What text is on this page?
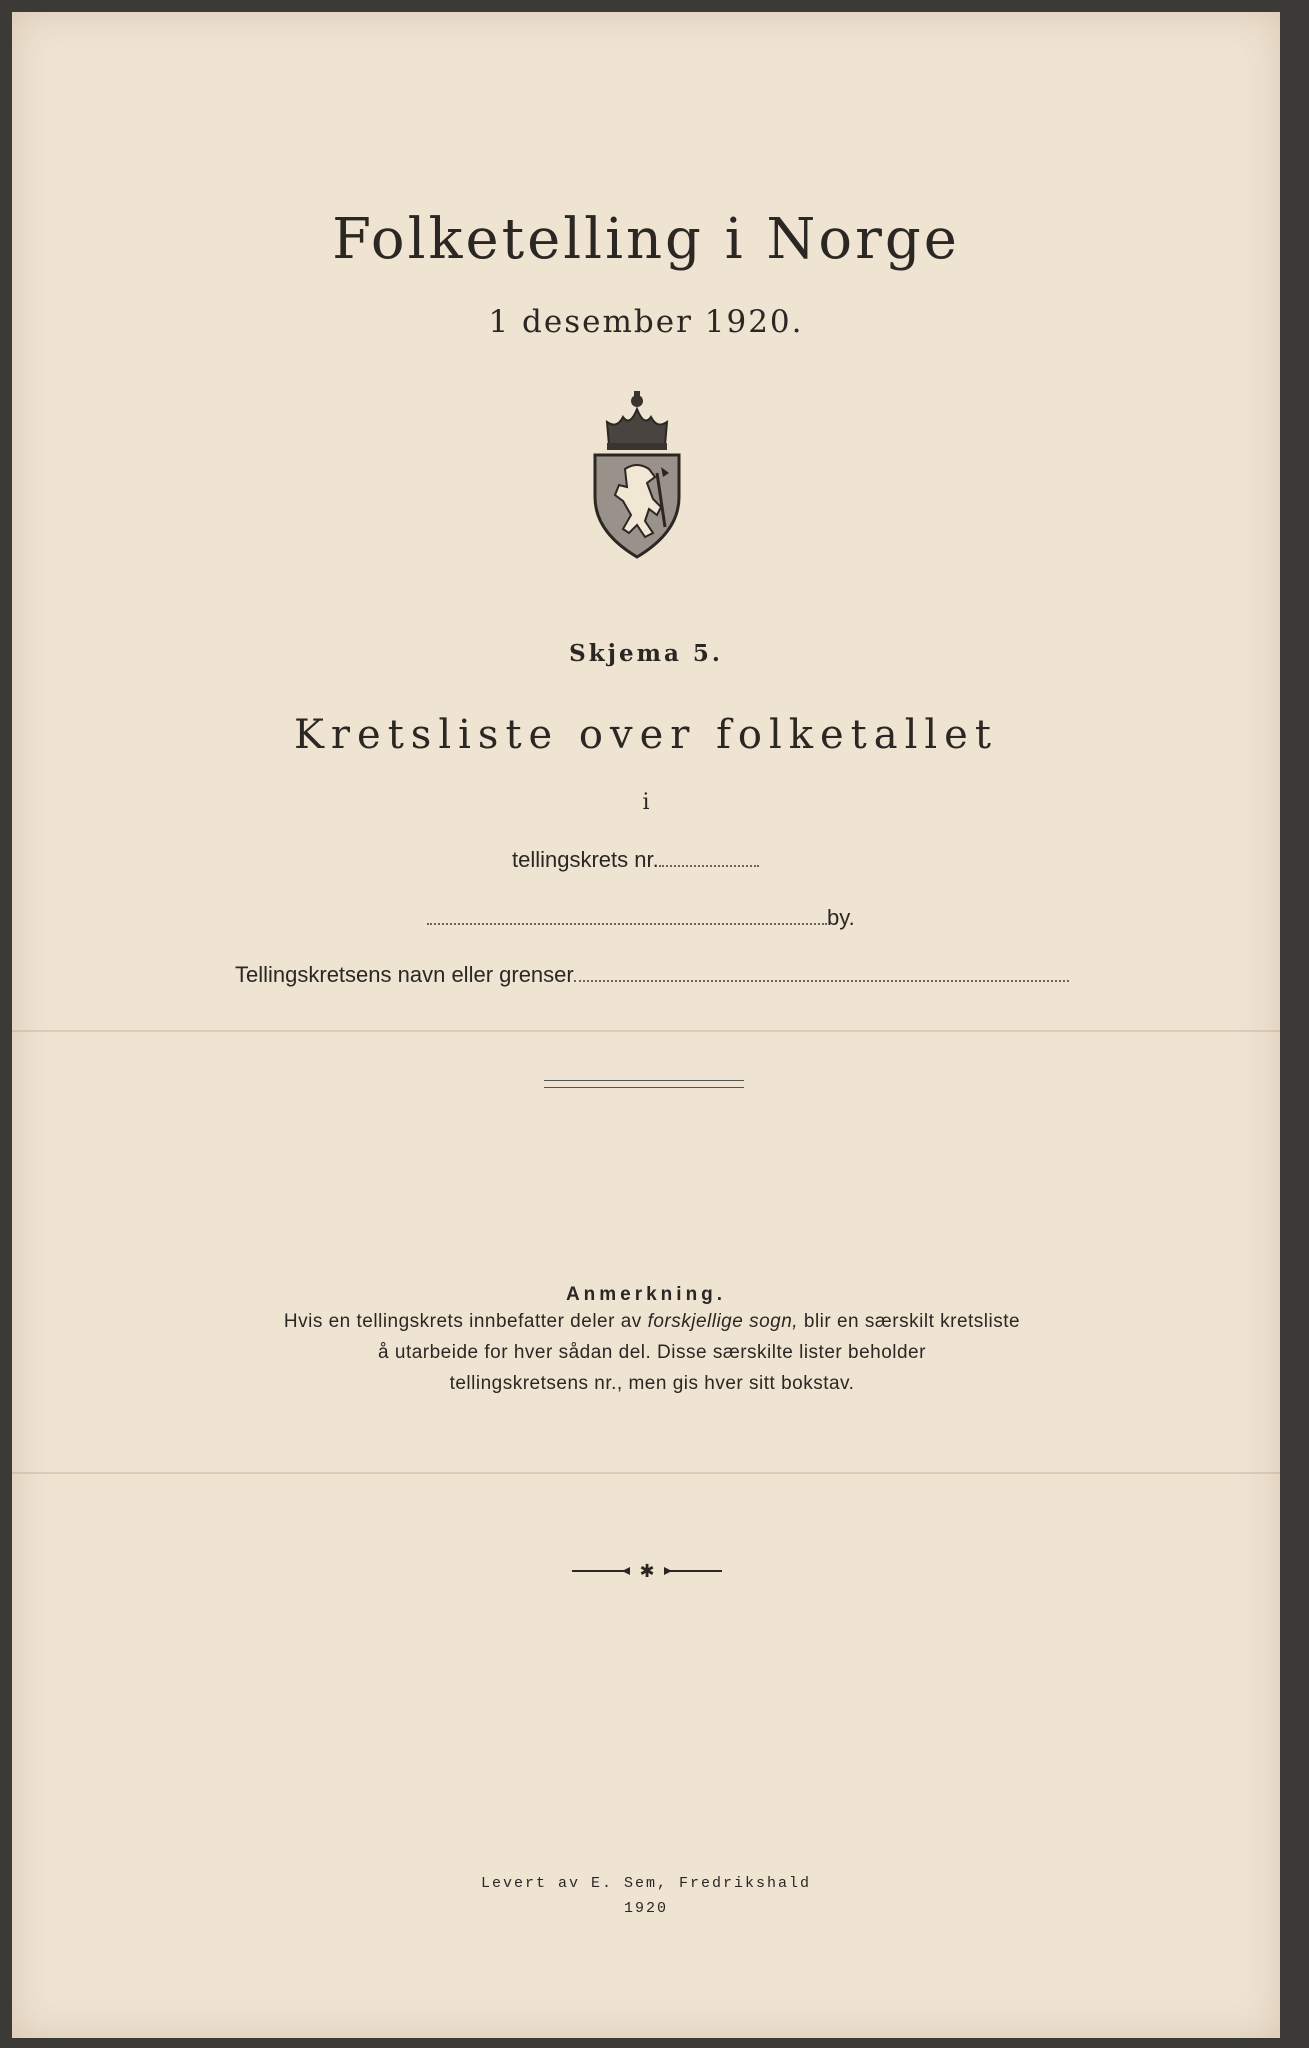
Folketelling i Norge
1 desember 1920.
Skjema 5.
Kretsliste over folketallet
i
tellingskrets nr.
by.
Tellingskretsens navn eller grenser
Anmerkning.
Hvis en tellingskrets innbefatter deler av forskjellige sogn, blir en særskilt kretsliste
å utarbeide for hver sådan del. Disse særskilte lister beholder
tellingskretsens nr., men gis hver sitt bokstav.
✱
Levert av E. Sem, Fredrikshald
1920
